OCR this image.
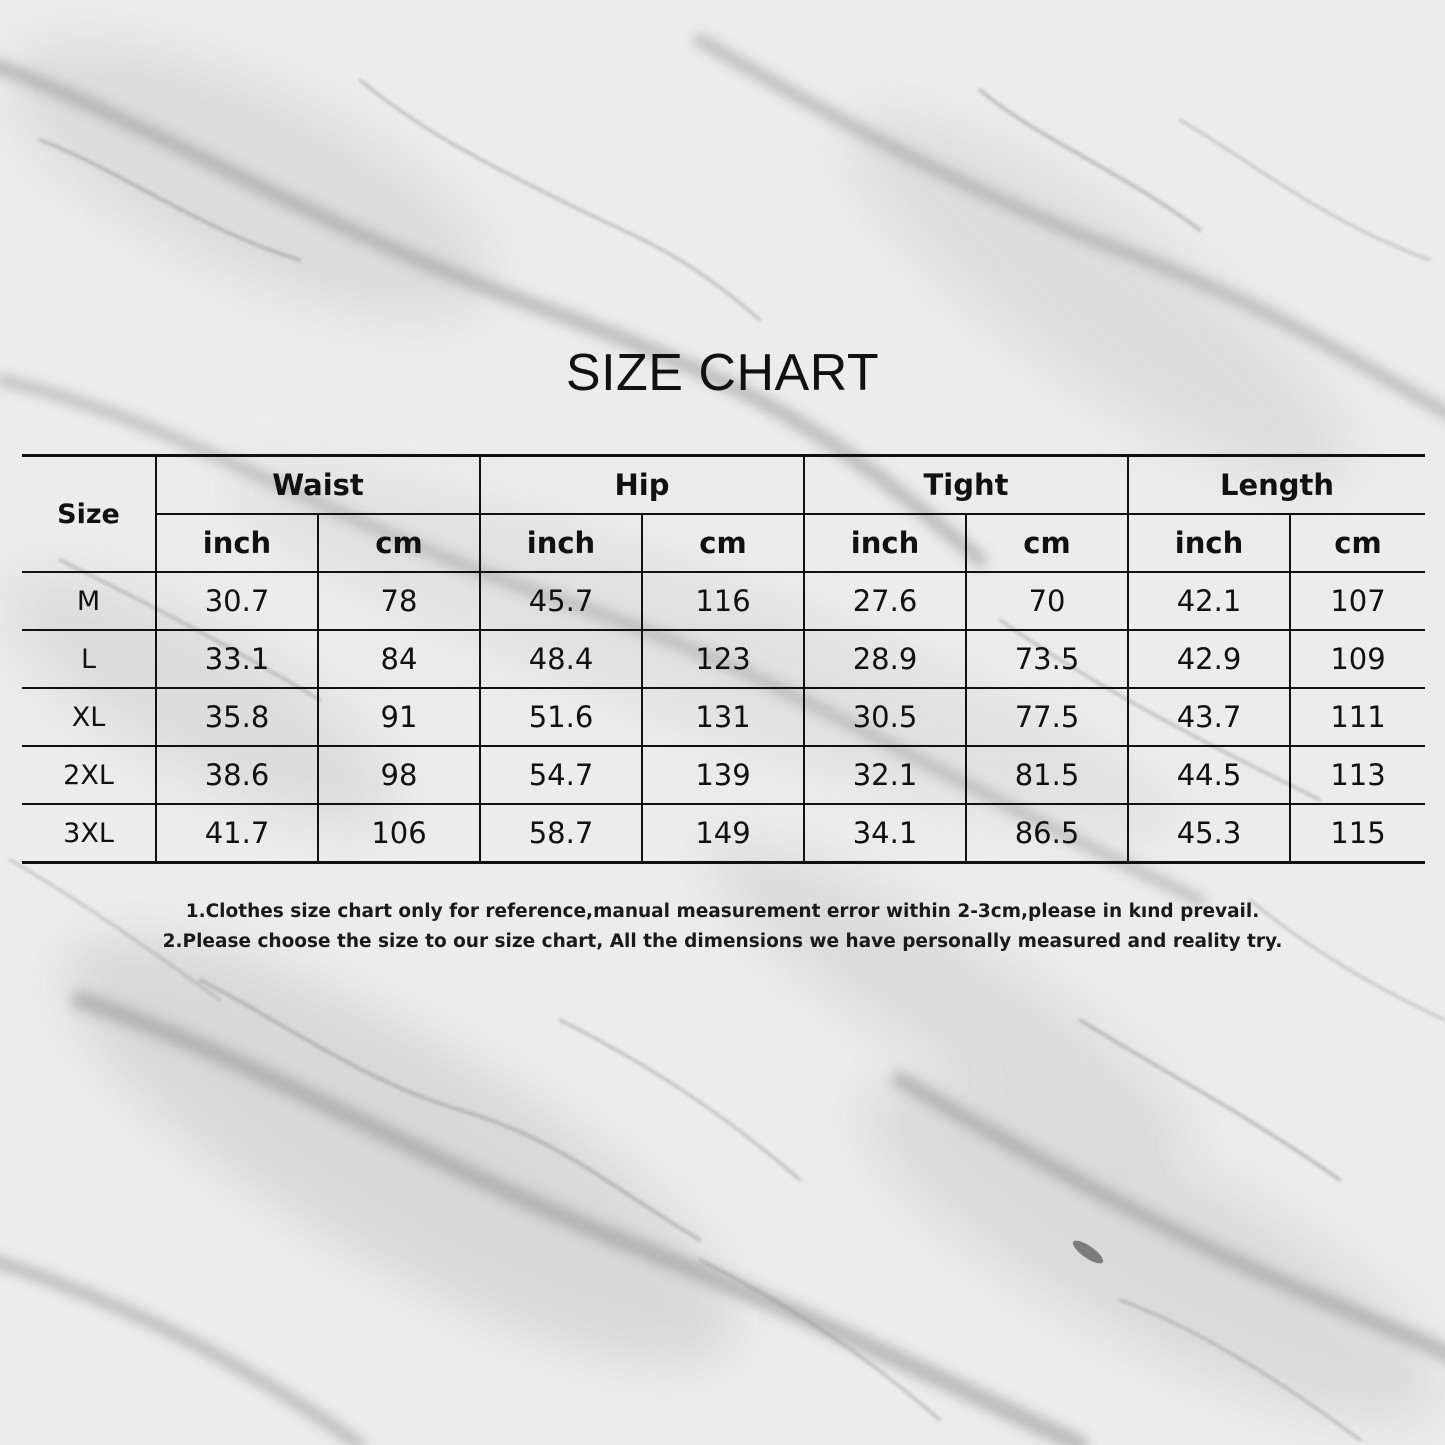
SIZE CHART
Size	Waist		Hip		Tight		Length	
	inch	cm	inch	cm	inch	cm	inch	cm
M	30.7	78	45.7	116	27.6	70	42.1	107
L	33.1	84	48.4	123	28.9	73.5	42.9	109
XL	35.8	91	51.6	131	30.5	77.5	43.7	111
2XL	38.6	98	54.7	139	32.1	81.5	44.5	113
3XL	41.7	106	58.7	149	34.1	86.5	45.3	115
1.Clothes size chart only for reference,manual measurement error within 2-3cm,please in kınd prevail.
2.Please choose the size to our size chart, All the dimensions we have personally measured and reality try.
